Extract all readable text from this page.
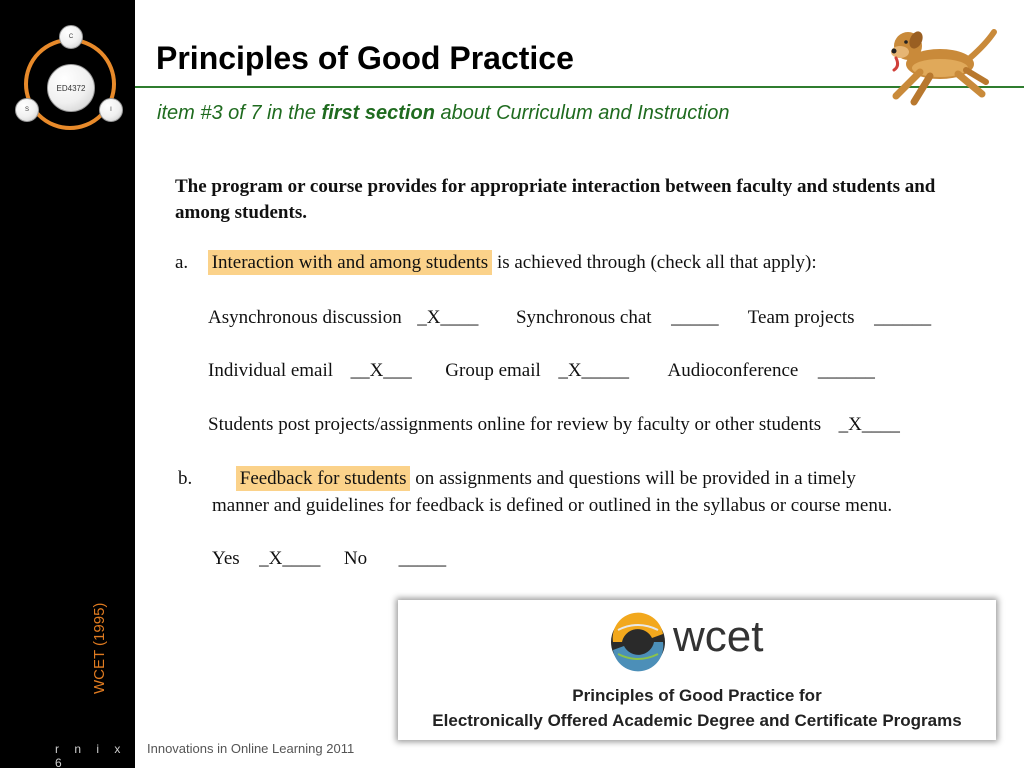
ED4372
C
S	I
WCET (1995)
r n i x 6
Principles of Good Practice
item #3 of 7 in the first section about Curriculum and Instruction
The program or course provides for appropriate interaction between faculty and students and among students.
a. Interaction with and among students is achieved through (check all that apply):
Asynchronous discussion _X____ Synchronous chat _____ Team projects ______
Individual email __X___ Group email _X_____ Audioconference ______
Students post projects/assignments online for review by faculty or other students _X____
b.	Feedback for students on assignments and questions will be provided in a timely
manner and guidelines for feedback is defined or outlined in the syllabus or course menu.
Yes _X____ No _____
wcet
Principles of Good Practice for
Electronically Offered Academic Degree and Certificate Programs
Innovations in Online Learning 2011
